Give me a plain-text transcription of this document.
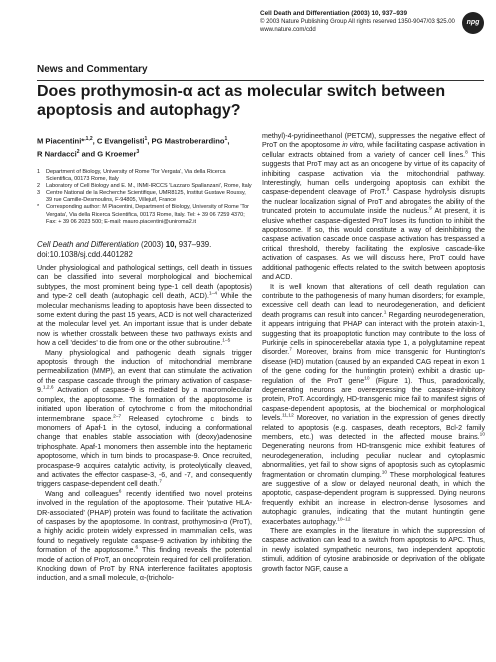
Cell Death and Differentiation (2003) 10, 937–939
© 2003 Nature Publishing Group All rights reserved 1350-9047/03 $25.00
www.nature.com/cdd
npg
News and Commentary
Does prothymosin-α act as molecular switch between apoptosis and autophagy?
M Piacentini*$^{,1,2}$, C Evangelisti$^1$, PG Mastroberardino$^1$,
R Nardacci$^2$ and G Kroemer$^3$
1	Department of Biology, University of Rome 'Tor Vergata', Via della Ricerca Scientifica, 00173 Rome, Italy
2	Laboratory of Cell Biology and E. M., INMI-IRCCS 'Lazzaro Spallanzani', Rome, Italy
3	Centre National de la Recherche Scientifique, UMR8125, Institut Gustave Roussy, 39 rue Camille-Desmoulins, F-94805, Villejuif, France
*	Corresponding author: M Piacentini, Department of Biology, University of Rome 'Tor Vergata', Via della Ricerca Scientifica, 00173 Rome, Italy. Tel: + 39 06 7259 4370; Fax: + 39 06 2023 500; E-mail: mauro.piacentini@uniroma2.it
Cell Death and Differentiation (2003) 10, 937–939.
doi:10.1038/sj.cdd.4401282

Under physiological and pathological settings, cell death in tissues can be classified into several morphological and biochemical subtypes, the most prominent being type-1 cell death (apoptosis) and type-2 cell death (autophagic cell death, ACD).$^{1-4}$ While the molecular mechanisms leading to apoptosis have been dissected to some extent during the past 15 years, ACD is not well characterized at the molecular level yet. An important issue that is under debate now is whether crosstalk between these two pathways exists and how a cell 'decides' to die from one or the other subroutine.$^{1-5}$

Many physiological and pathogenic death signals trigger apoptosis through the induction of mitochondrial membrane permeabilization (MMP), an event that can stimulate the activation of the caspase cascade through the primary activation of caspase-9.$^{1,2,6}$ Activation of caspase-9 is mediated by a macromolecular complex, the apoptosome. The formation of the apoptosome is initiated upon liberation of cytochrome c from the mitochondrial intermembrane space.$^{2-7}$ Released cytochrome c binds to monomers of Apaf-1 in the cytosol, inducing a conformational change that enables stable association with (deoxy)adenosine triphosphate. Apaf-1 monomers then assemble into the heptameric apoptosome, which in turn binds to procaspase-9. Once recruited, procaspase-9 acquires catalytic activity, is proteolytically cleaved, and activates the effector caspase-3, -6, and -7, and consequently triggers caspase-dependent cell death.$^7$

Wang and colleagues$^6$ recently identified two novel proteins involved in the regulation of the apoptosome. Their 'putative HLA-DR-associated' (PHAP) protein was found to facilitate the activation of caspases by the apoptosome. In contrast, prothymosin-α (ProT), a highly acidic protein widely expressed in mammalian cells, was found to negatively regulate caspase-9 activation by inhibiting the formation of the apoptosome.$^6$ This finding reveals the potential mode of action of ProT, an oncoprotein required for cell proliferation. Knocking down of ProT by RNA interference facilitates apoptosis induction, and a small molecule, α-(tricholo-

methyl)-4-pyridineethanol (PETCM), suppresses the negative effect of ProT on the apoptosome in vitro, while facilitating caspase activation in cellular extracts obtained from a variety of cancer cell lines.$^8$ This suggests that ProT may act as an oncogene by virtue of its capacity of inhibiting caspase activation via the mitochondrial pathway. Interestingly, human cells undergoing apoptosis can exhibit the caspase-dependent cleavage of ProT.$^9$ Caspase hydrolysis disrupts the nuclear localization signal of ProT and abrogates the ability of the truncated protein to accumulate inside the nucleus.$^9$ At present, it is elusive whether caspase-digested ProT loses its function to inhibit the apoptosome. If so, this would constitute a way of deinhibiting the caspase activation cascade once caspase activation has trespassed a critical threshold, thereby facilitating the explosive cascade-like activation of caspases. As we will discuss here, ProT could have additional pathogenic effects related to the switch between apoptosis and ACD.

It is well known that alterations of cell death regulation can contribute to the pathogenesis of many human disorders; for example, excessive cell death can lead to neurodegeneration, and deficient death programs can result into cancer.$^1$ Regarding neurodegeneration, it appears intriguing that PHAP can interact with the protein ataxin-1, suggesting that its proapoptotic function may contribute to the loss of Purkinje cells in spinocerebellar ataxia type 1, a polyglutamine repeat disorder.$^7$ Moreover, brains from mice transgenic for Huntington's disease (HD) mutation (caused by an expanded CAG repeat in exon 1 of the gene coding for the huntingtin protein) exhibit a drastic up-regulation of the ProT gene$^{10}$ (Figure 1). Thus, paradoxically, degenerating neurons are overexpressing the caspase-inhibitory protein, ProT. Accordingly, HD-transgenic mice fail to manifest signs of caspase-dependent apoptosis, at the biochemical or morphological levels.$^{11,12}$ Moreover, no variation in the expression of genes directly related to apoptosis (e.g. caspases, death receptors, Bcl-2 family members, etc.) was detected in the affected mouse brains.$^{10}$ Degenerating neurons from HD-transgenic mice exhibit features of neurodegeneration, including peculiar nuclear and cytoplasmic abnormalities, yet fail to show signs of apoptosis such as cytoplasmic fragmentation or chromatin clumping.$^{10}$ These morphological features are suggestive of a slow or delayed neuronal death, in which the apoptotic, caspase-dependent program is suppressed. Dying neurons frequently exhibit an increase in electron-dense lysosomes and autophagic granules, indicating that the mutant huntingtin gene exacerbates autophagy.$^{10-12}$

There are examples in the literature in which the suppression of caspase activation can lead to a switch from apoptosis to APC. Thus, in newly isolated sympathetic neurons, two independent apoptotic stimuli, addition of cytosine arabinoside or deprivation of the obligate growth factor NGF, cause a
